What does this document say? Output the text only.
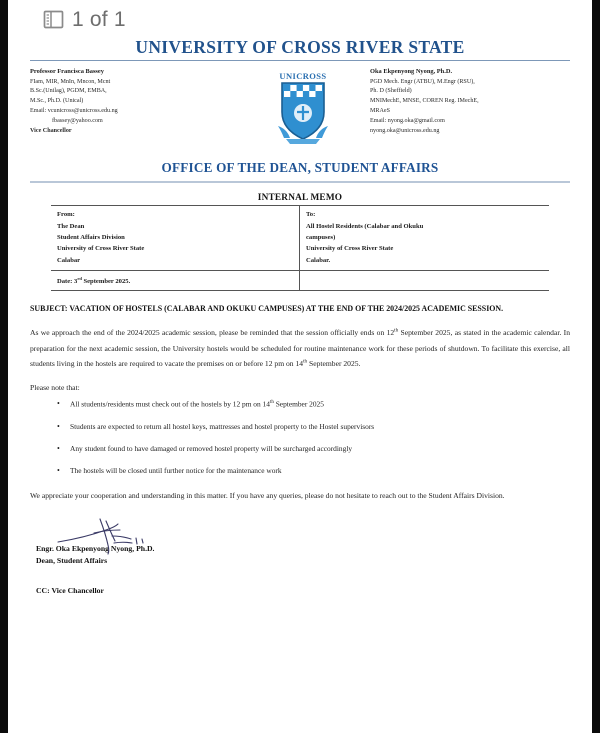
UNIVERSITY OF CROSS RIVER STATE
Professor Francisca Bassey
FIam, MIR, MnIn, Mncon, Mcnt
B.Sc.(Unilag), PGDM, EMBA,
M.Sc., Ph.D. (Unical)
Email: vcunicross@unicross.edu.ng
fbassey@yahoo.com
Vice Chancellor
UNICROSS	Oka Ekpenyong Nyong, Ph.D.
PGD Mech. Engr (ATBU), M.Engr (RSU),
Ph. D (Sheffield)
MNIMechE, MNSE, COREN Reg. IMechE,
MRAeS
Email: nyong.oka@gmail.com
nyong.oka@unicross.edu.ng
OFFICE OF THE DEAN, STUDENT AFFAIRS
INTERNAL MEMO
From:
The Dean
Student Affairs Division
University of Cross River State
Calabar
To:
All Hostel Residents (Calabar and Okuku
campuses)
University of Cross River State
Calabar.
Date: 3rd September 2025.
SUBJECT: VACATION OF HOSTELS (CALABAR AND OKUKU CAMPUSES) AT THE END OF THE 2024/2025 ACADEMIC SESSION.
As we approach the end of the 2024/2025 academic session, please be reminded that the session officially ends on 12th September 2025, as stated in the academic calendar. In preparation for the next academic session, the University hostels would be scheduled for routine maintenance work for these periods of shutdown. To facilitate this exercise, all students living in the hostels are required to vacate the premises on or before 12 pm on 14th September 2025.
Please note that:
• All students/residents must check out of the hostels by 12 pm on 14th September 2025
• Students are expected to return all hostel keys, mattresses and hostel property to the Hostel supervisors
• Any student found to have damaged or removed hostel property will be surcharged accordingly
• The hostels will be closed until further notice for the maintenance work
We appreciate your cooperation and understanding in this matter. If you have any queries, please do not hesitate to reach out to the Student Affairs Division.
Engr. Oka Ekpenyong Nyong, Ph.D.
Dean, Student Affairs
CC: Vice Chancellor
1 of 1
